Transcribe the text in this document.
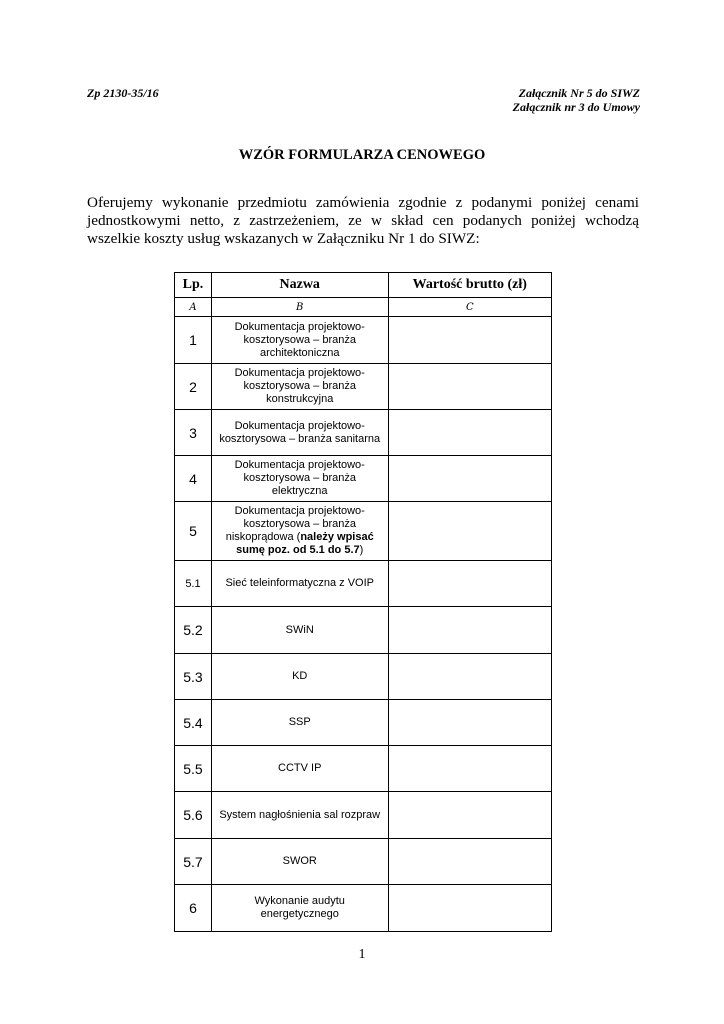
Zp 2130-35/16	Załącznik Nr 5 do SIWZ
Załącznik nr 3 do Umowy
WZÓR FORMULARZA CENOWEGO
Oferujemy wykonanie przedmiotu zamówienia zgodnie z podanymi poniżej cenami jednostkowymi netto, z zastrzeżeniem, ze w skład cen podanych poniżej wchodzą wszelkie koszty usług wskazanych w Załączniku Nr 1 do SIWZ:
Lp.	Nazwa	Wartość brutto (zł)
A	B	C
1	Dokumentacja projektowo-kosztorysowa – branża architektoniczna	
2	Dokumentacja projektowo-kosztorysowa – branża konstrukcyjna	
3	Dokumentacja projektowo-kosztorysowa – branża sanitarna	
4	Dokumentacja projektowo-kosztorysowa – branża elektryczna	
5	Dokumentacja projektowo-kosztorysowa – branża niskoprądowa (należy wpisać sumę poz. od 5.1 do 5.7)	
5.1	Sieć teleinformatyczna z VOIP	
5.2	SWiN	
5.3	KD	
5.4	SSP	
5.5	CCTV IP	
5.6	System nagłośnienia sal rozpraw	
5.7	SWOR	
6	Wykonanie audytu energetycznego	
1
